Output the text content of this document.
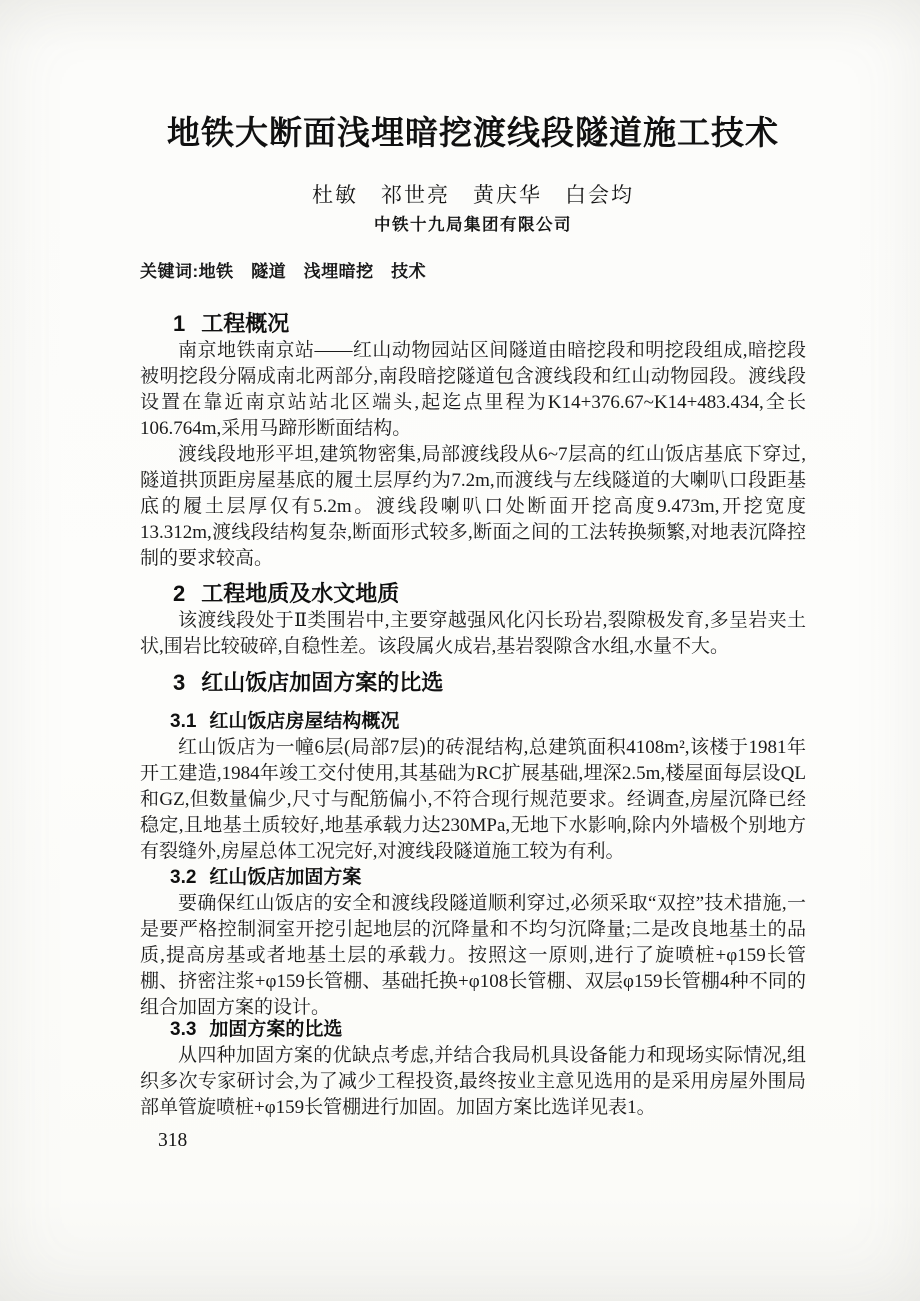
地铁大断面浅埋暗挖渡线段隧道施工技术
杜敏　祁世亮　黄庆华　白会均
中铁十九局集团有限公司
关键词:地铁　隧道　浅埋暗挖　技术
1 工程概况

南京地铁南京站——红山动物园站区间隧道由暗挖段和明挖段组成,暗挖段被明挖段分隔成南北两部分,南段暗挖隧道包含渡线段和红山动物园段。渡线段设置在靠近南京站站北区端头,起迄点里程为K14+376.67~K14+483.434,全长106.764m,采用马蹄形断面结构。

渡线段地形平坦,建筑物密集,局部渡线段从6~7层高的红山饭店基底下穿过,隧道拱顶距房屋基底的履土层厚约为7.2m,而渡线与左线隧道的大喇叭口段距基底的履土层厚仅有5.2m。渡线段喇叭口处断面开挖高度9.473m,开挖宽度13.312m,渡线段结构复杂,断面形式较多,断面之间的工法转换频繁,对地表沉降控制的要求较高。

2 工程地质及水文地质

该渡线段处于Ⅱ类围岩中,主要穿越强风化闪长玢岩,裂隙极发育,多呈岩夹土状,围岩比较破碎,自稳性差。该段属火成岩,基岩裂隙含水组,水量不大。

3 红山饭店加固方案的比选
3.1 红山饭店房屋结构概况

红山饭店为一幢6层(局部7层)的砖混结构,总建筑面积4108m²,该楼于1981年开工建造,1984年竣工交付使用,其基础为RC扩展基础,埋深2.5m,楼屋面每层设QL和GZ,但数量偏少,尺寸与配筋偏小,不符合现行规范要求。经调查,房屋沉降已经稳定,且地基土质较好,地基承载力达230MPa,无地下水影响,除内外墙极个别地方有裂缝外,房屋总体工况完好,对渡线段隧道施工较为有利。

3.2 红山饭店加固方案

要确保红山饭店的安全和渡线段隧道顺利穿过,必须采取“双控”技术措施,一是要严格控制洞室开挖引起地层的沉降量和不均匀沉降量;二是改良地基土的品质,提高房基或者地基土层的承载力。按照这一原则,进行了旋喷桩+φ159长管棚、挤密注浆+φ159长管棚、基础托换+φ108长管棚、双层φ159长管棚4种不同的组合加固方案的设计。

3.3 加固方案的比选

从四种加固方案的优缺点考虑,并结合我局机具设备能力和现场实际情况,组织多次专家研讨会,为了减少工程投资,最终按业主意见选用的是采用房屋外围局部单管旋喷桩+φ159长管棚进行加固。加固方案比选详见表1。

318
